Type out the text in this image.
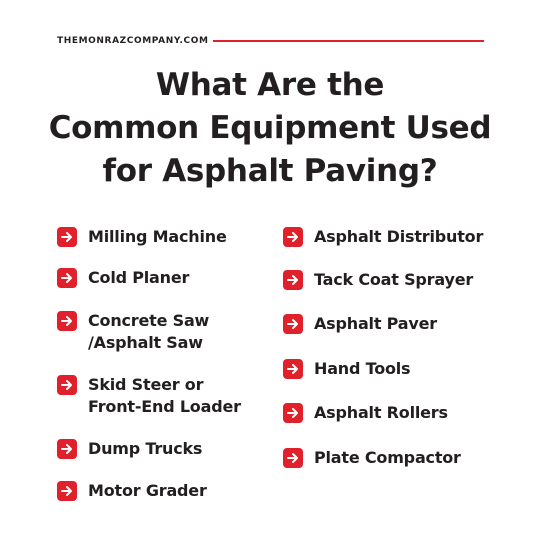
THEMONRAZCOMPANY.COM
What Are the
Common Equipment Used
for Asphalt Paving?
Milling Machine
Cold Planer
Concrete Saw
/Asphalt Saw
Skid Steer or
Front-End Loader
Dump Trucks
Motor Grader
Asphalt Distributor
Tack Coat Sprayer
Asphalt Paver
Hand Tools
Asphalt Rollers
Plate Compactor
